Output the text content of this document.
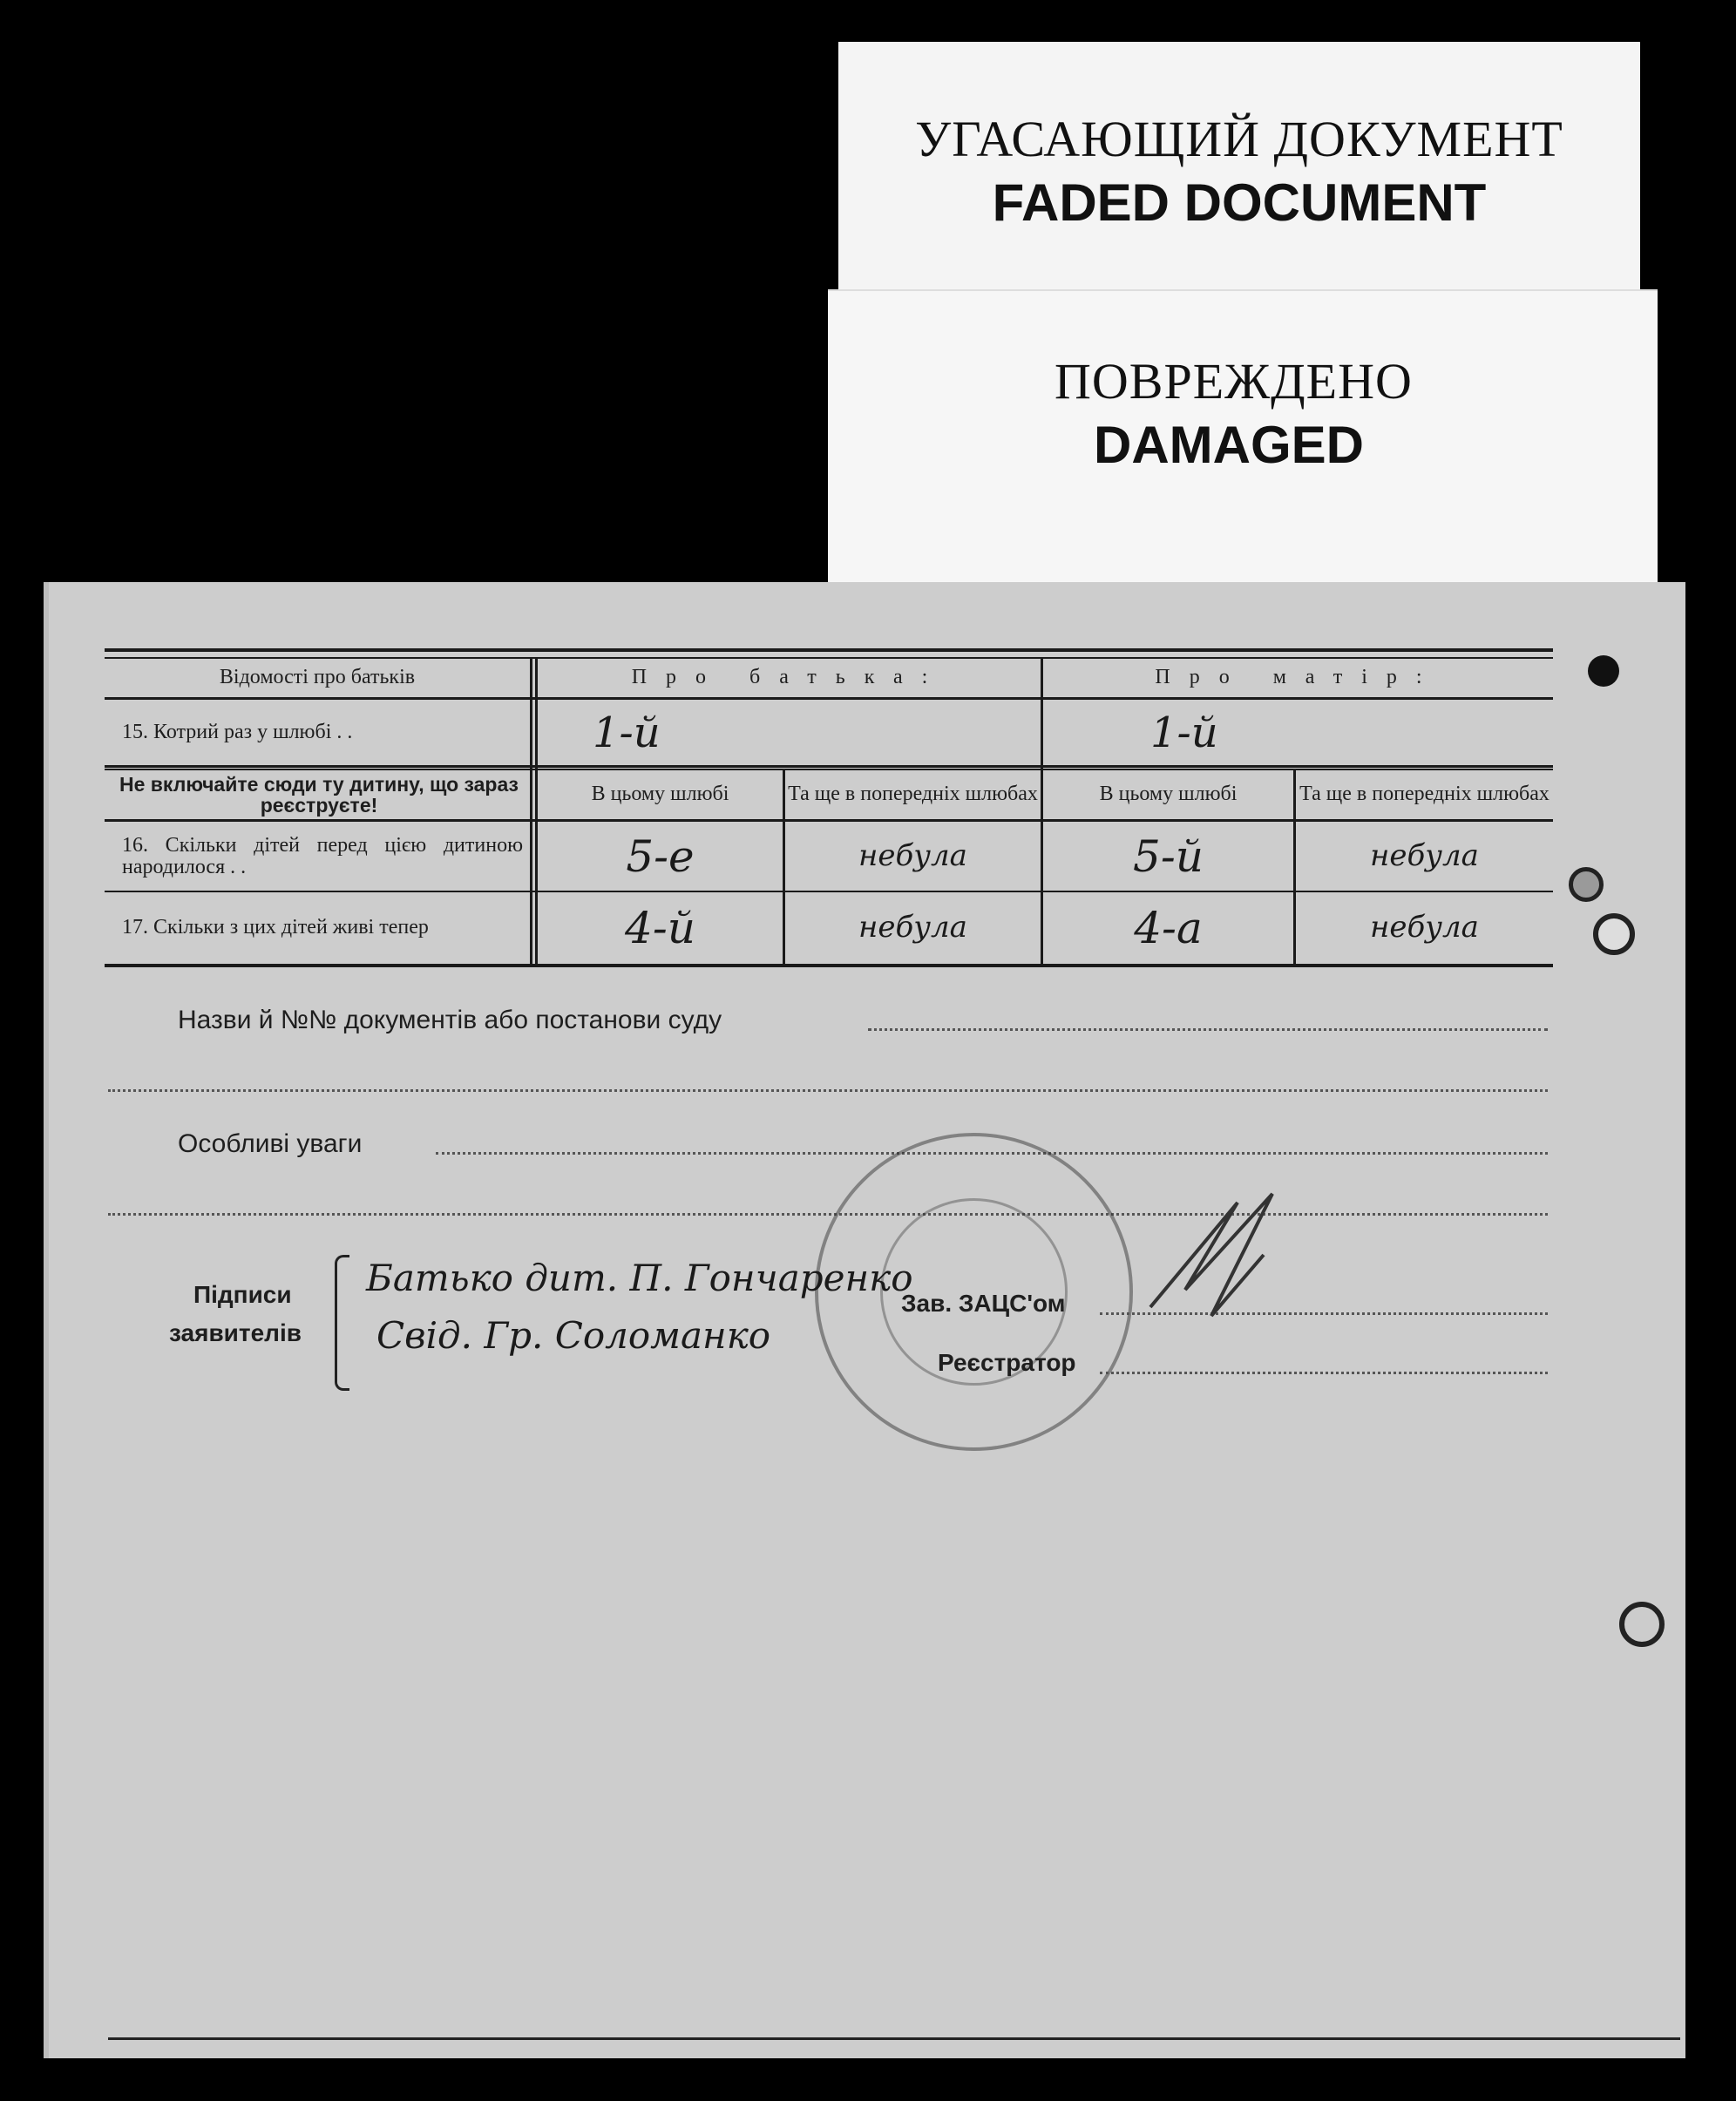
УГАСАЮЩИЙ ДОКУМЕНТ
FADED DOCUMENT
ПОВРЕЖДЕНО
DAMAGED
Відомості про батьків	Про батька:	Про матір:
15. Котрий раз у шлюбі . .	1-й	1-й
Не включайте сюди ту дитину, що зараз реєструєте!	В цьому шлюбі	Та ще в попередніх шлюбах	В цьому шлюбі	Та ще в попередніх шлюбах
16. Скільки дітей перед цією дитиною народилося . .	5-е	небула	5-й	небула
17. Скільки з цих дітей живі тепер	4-й	небула	4-а	небула
Назви й №№ документів або постанови суду
Особливі уваги
Підписи
заявителів
Батько дит. П. Гончаренко
Свід. Гр. Соломанко
Зав. ЗАЦС'ом
Реєстратор
